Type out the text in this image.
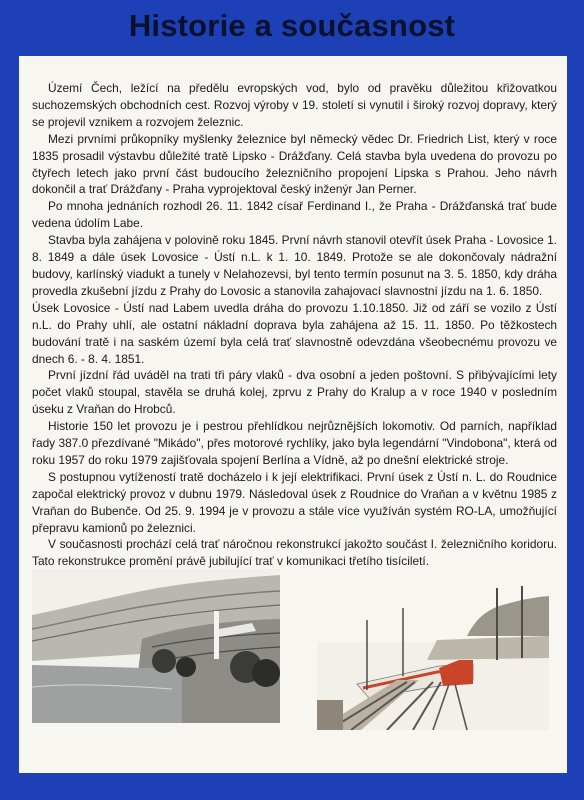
Historie a současnost

Území Čech, ležící na předělu evropských vod, bylo od pravěku důležitou křižovatkou suchozemských obchodních cest. Rozvoj výroby v 19. století si vynutil i široký rozvoj dopravy, který se projevil vznikem a rozvojem železnic.

Mezi prvními průkopníky myšlenky železnice byl německý vědec Dr. Friedrich List, který v roce 1835 prosadil výstavbu důležité tratě Lipsko - Drážďany. Celá stavba byla uvedena do provozu po čtyřech letech jako první část budoucího železničního propojení Lipska s Prahou. Jeho návrh dokončil a trať Drážďany - Praha vyprojektoval český inženýr Jan Perner.

Po mnoha jednáních rozhodl 26. 11. 1842 císař Ferdinand I., že Praha - Drážďanská trať bude vedena údolím Labe.

Stavba byla zahájena v polovině roku 1845. První návrh stanovil otevřít úsek Praha - Lovosice 1. 8. 1849 a dále úsek Lovosice - Ústí n.L. k 1. 10. 1849. Protože se ale dokončovaly nádražní budovy, karlínský viadukt a tunely v Nelahozevsi, byl tento termín posunut na 3. 5. 1850, kdy dráha provedla zkušební jízdu z Prahy do Lovosic a stanovila zahajovací slavnostní jízdu na 1. 6. 1850.

Úsek Lovosice - Ústí nad Labem uvedla dráha do provozu 1.10.1850. Již od září se vozilo z Ústí n.L. do Prahy uhlí, ale ostatní nákladní doprava byla zahájena až 15. 11. 1850. Po těžkostech budování tratě i na saském území byla celá trať slavnostně odevzdána všeobecnému provozu ve dnech 6. - 8. 4. 1851.

První jízdní řád uváděl na trati tři páry vlaků - dva osobní a jeden poštovní. S přibývajícími lety počet vlaků stoupal, stavěla se druhá kolej, zprvu z Prahy do Kralup a v roce 1940 v posledním úseku z Vraňan do Hrobců.

Historie 150 let provozu je i pestrou přehlídkou nejrůznějších lokomotiv. Od parních, například řady 387.0 přezdívané "Mikádo", přes motorové rychlíky, jako byla legendární "Vindobona", která od roku 1957 do roku 1979 zajišťovala spojení Berlína a Vídně, až po dnešní elektrické stroje.

S postupnou vytížeností tratě docházelo i k její elektrifikaci. První úsek z Ústí n. L. do Roudnice započal elektrický provoz v dubnu 1979. Následoval úsek z Roudnice do Vraňan a v květnu 1985 z Vraňan do Bubenče. Od 25. 9. 1994 je v provozu a stále více využíván systém RO-LA, umožňující přepravu kamionů po železnici.

V současnosti prochází celá trať náročnou rekonstrukcí jakožto součást I. železničního koridoru. Tato rekonstrukce promění právě jubilující trať v komunikaci třetího tisíciletí.
